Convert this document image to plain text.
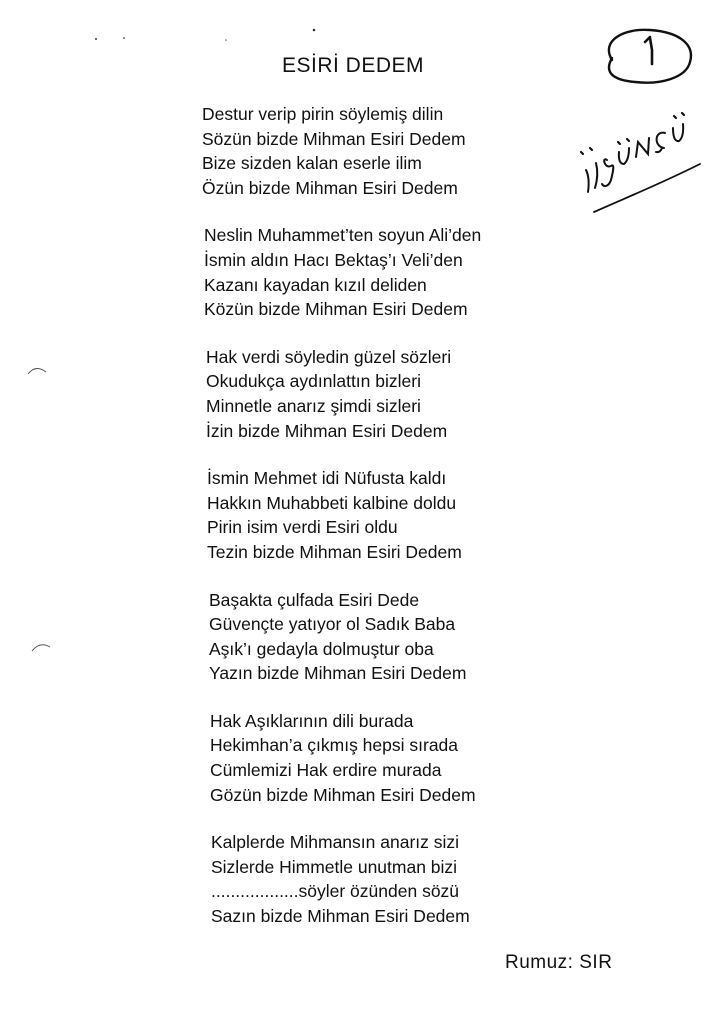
ESİRİ DEDEM
Destur verip pirin söylemiş dilin
Sözün bizde Mihman Esiri Dedem
Bize sizden kalan eserle ilim
Özün bizde Mihman Esiri Dedem
Neslin Muhammet’ten soyun Ali’den
İsmin aldın Hacı Bektaş’ı Veli’den
Kazanı kayadan kızıl deliden
Közün bizde Mihman Esiri Dedem
Hak verdi söyledin güzel sözleri
Okudukça aydınlattın bizleri
Minnetle anarız şimdi sizleri
İzin bizde Mihman Esiri Dedem
İsmin Mehmet idi Nüfusta kaldı
Hakkın Muhabbeti kalbine doldu
Pirin isim verdi Esiri oldu
Tezin bizde Mihman Esiri Dedem
Başakta çulfada Esiri Dede
Güvençte yatıyor ol Sadık Baba
Aşık’ı gedayla dolmuştur oba
Yazın bizde Mihman Esiri Dedem
Hak Aşıklarının dili burada
Hekimhan’a çıkmış hepsi sırada
Cümlemizi Hak erdire murada
Gözün bizde Mihman Esiri Dedem
Kalplerde Mihmansın anarız sizi
Sizlerde Himmetle unutman bizi
..................söyler özünden sözü
Sazın bizde Mihman Esiri Dedem
Rumuz: SIR
